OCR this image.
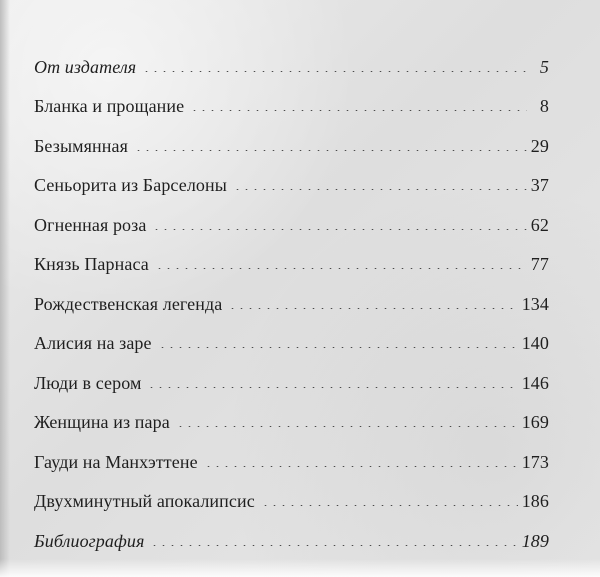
От издателя	5
Бланка и прощание	8
Безымянная	29
Сеньорита из Барселоны	37
Огненная роза	62
Князь Парнаса	77
Рождественская легенда	134
Алисия на заре	140
Люди в сером	146
Женщина из пара	169
Гауди на Манхэттене	173
Двухминутный апокалипсис	186
Библиография	189
